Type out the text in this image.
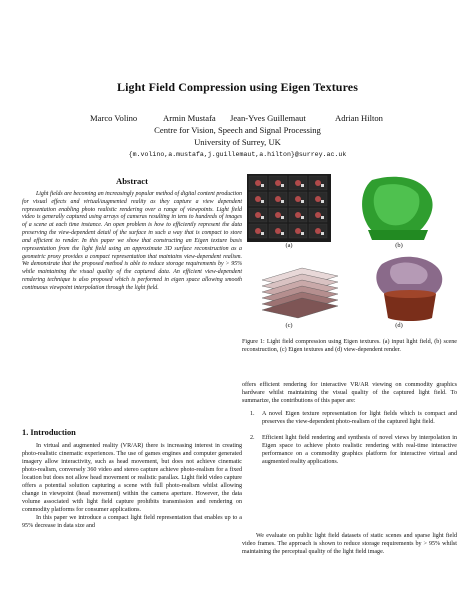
Light Field Compression using Eigen Textures
Marco Volino	Armin Mustafa Jean-Yves Guillemaut	Adrian Hilton
Centre for Vision, Speech and Signal Processing
University of Surrey, UK
{m.volino,a.mustafa,j.guillemaut,a.hilton}@surrey.ac.uk
Abstract

Light fields are becoming an increasingly popular method of digital content production for visual effects and virtual/augmented reality as they capture a view dependent representation enabling photo realistic rendering over a range of viewpoints. Light field video is generally captured using arrays of cameras resulting in tens to hundreds of images of a scene at each time instance. An open problem is how to efficiently represent the data preserving the view-dependent detail of the surface in such a way that is compact to store and efficient to render. In this paper we show that constructing an Eigen texture basis representation from the light field using an approximate 3D surface reconstruction as a geometric proxy provides a compact representation that maintains view-dependent realism. We demonstrate that the proposed method is able to reduce storage requirements by > 95% while maintaining the visual quality of the captured data. An efficient view-dependent rendering technique is also proposed which is performed in eigen space allowing smooth continuous viewpoint interpolation through the light field.

1. Introduction

In virtual and augmented reality (VR/AR) there is increasing interest in creating photo-realistic cinematic experiences. The use of games engines and computer generated imagery allow interactivity, such as head movement, but does not achieve cinematic photo-realism, conversely 360 video and stereo capture achieve photo-realism for a fixed location but does not allow head movement or realistic parallax. Light field video capture offers a potential solution capturing a scene with full photo-realism whilst allowing change in viewpoint (head movement) within the camera aperture. However, the data volume associated with light field capture prohibits transmission and rendering on commodity platforms for consumer applications.

In this paper we introduce a compact light field representation that enables up to a 95% decrease in data size and

(a)	(b)
(c)	(d)

Figure 1: Light field compression using Eigen textures. (a) input light field, (b) scene reconstruction, (c) Eigen textures and (d) view-dependent render.

offers efficient rendering for interactive VR/AR viewing on commodity graphics hardware whilst maintaining the visual quality of the captured light field. To summarize, the contributions of this paper are:

1. A novel Eigen texture representation for light fields which is compact and preserves the view-dependent photo-realism of the captured light field.
2. Efficient light field rendering and synthesis of novel views by interpolation in Eigen space to achieve photo realistic rendering with real-time interactive performance on a commodity graphics platform for interactive virtual and augmented reality applications.

We evaluate on public light field datasets of static scenes and sparse light field video frames. The approach is shown to reduce storage requirements by > 95% whilst maintaining the perceptual quality of the light field image.
